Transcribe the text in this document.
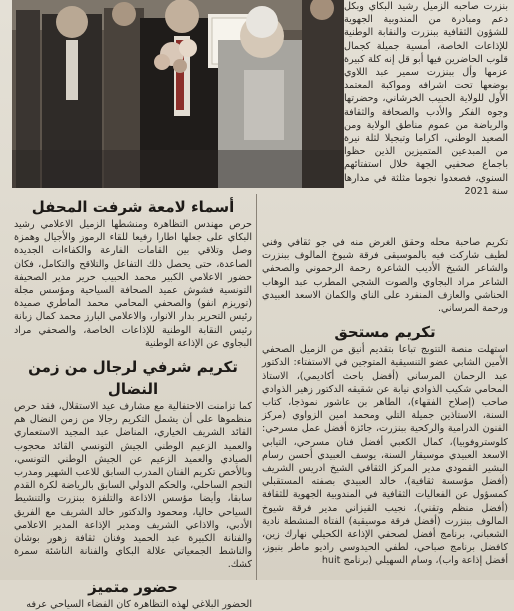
بنزرت صاحبه الزميل رشيد البكاي وبكل دعم ومبادرة من المندوبية الجهوية للشؤون الثقافية ببنزرت والنقابة الوطنية للإذاعات الخاصة، أمسية جميلة كجمال قلوب الحاضرين فيها أبو قل إنه كلة كبيرة عزمها وأل ببنزرت سمير عبد اللاوي بوضعها تحت اشرافه ومواكبة المعتمد الأول للولاية الحبيب الخرشاني، وحضرتها وجوه الفكر والأدب والصحافة والثقافة والرياضة من عموم مناطق الولاية ومن الصعيد الوطني، اكراما وتبجيلا لثلة نيرة من المبدعين المتميزين الذين حظوا باجماع صحفيي الجهة خلال استفتائهم السنوي، فصعدوا نجوما مثلثة في مدارها سنة 2021

تكريم صاحبة محله وحقق الغرض منه في جو ثقافي وفني لطيف شاركت فيه بالموسيقى فرقة شيوخ المالوف ببنزرت والشاعر الشيخ الأديب الشاعرة رحمة الرحموني والصحفي الشاعر مراد البجاوي والصوت الشجي المطرب عبد الوهاب الحناشي والعازف المنفرد على الناي والكمان الاسعد العبيدي ورحمة المرساني.

تكريم مستحق

استهلت منصة التتويج تباعا بتقديم أنيق من الزميل الصحفي الأمين الشابي عضو التنسيقية المتوجين في الاستفتاء: الدكتور عبد الرحمان المرساني (أفضل باحث أكاديمي)، الاستاذ المحامي شكيب الذوادي نيابة عن شقيقه الدكتور زهير الذوادي صاحب (إصلاح الفقهاء)، الطاهر بن عاشور نموذجا، كتاب السنة، الاستاذين جميلة التلي ومحمد امين الزواوي (مركز الفنون الدرامية والركحية ببنزرت، جائزة أفضل عمل مسرحي: كلوستروفوبيا)، كمال الكعبي أفضل فنان مسرحي، التيابي الاسعد العبيدي موسيقار السنة، يوسف العبيدي أحسن رسام البشير القمودي مدير المركز الثقافي الشيخ ادريس الشريف (أفضل مؤسسة ثقافية)، خالد العبيدي بصفته المستقبلي كمسؤول عن الفعاليات الثقافية في المندوبية الجهوية للثقافة (أفضل منظم وتقني)، نجيب القيزاني مدير فرقة شيوخ المالوف ببنزرت (أفضل فرقة موسيقية) الفتاة المنشطة نادية الشعباني، برنامج أفضل لصحفي الإذاعة الكحيلي نهارك زين، كافضل برنامج صباحي، لطفي الحيدوسي راديو ماطر بنبوز، أفضل إذاعة واب)، وسام السهيلي (برنامج huit

أسماء لامعة شرفت المحفل

حرص مهندس التظاهرة ومنشطها الزميل الاعلامي رشيد البكاي على جعلها اطارا رفيعا للقاء الرموز والأجيال وهمزة وصل وتلاقي بين القامات الفارعة والكفاءات الجديدة الصاعدة، حتى يحصل ذلك التفاعل والتلاقح والتكامل، فكان حضور الاعلامي الكبير محمد الحبيب حرير مدير الصحيفة التونسية فشوش عميد الصحافة السياحية ومؤسس مجلة (توريزم انفو) والصحفي المحامي محمد الماطري صميدة رئيس التحرير بدار الانوار، والاعلامي البارز محمد كمال زبانة رئيس النقابة الوطنية للإذاعات الخاصة، والصحفي مراد البجاوي عن الإذاعة الوطنية

تكريم شرفي لرجال من زمن النضال

كما تزامنت الاحتفالية مع مشارف عيد الاستقلال، فقد حرص منظموها على أن يشمل التكريم رجالا من زمن النضال هم القائد الشريف الخياري، المناضل عبد المجيد الاستعماري والعميد الزعيم الوطني الجيش التونسي القائد محجوب الصيادي والعميد الزعيم عن الجيش الوطني التونسي، وبالأخص تكريم الفنان المدرب السابق للاعب الشهير ومدرب النجم الساحلي، والحكم الدولي السابق بالرياضة لكرة القدم سابقا، وأيضا مؤسس الاذاعة والتلفزة ببنزرت والتنشيط السياحي حاليا، ومحمود والدكتور خالد الشريف مع الفريق الأدبي، والاذاعي الشريف ومدير الإذاعة المدير الاعلامي والفنانة الكبيرة عبد الحميد وفنان ثقافة زهور بوشان والناشط الجمعياتي علالة البكاي والفنانة الناشئة سمرة كشك.

حضور متميز

الحضور البلاغي لهذه التظاهرة كان الفضاء السياحي عرفه
